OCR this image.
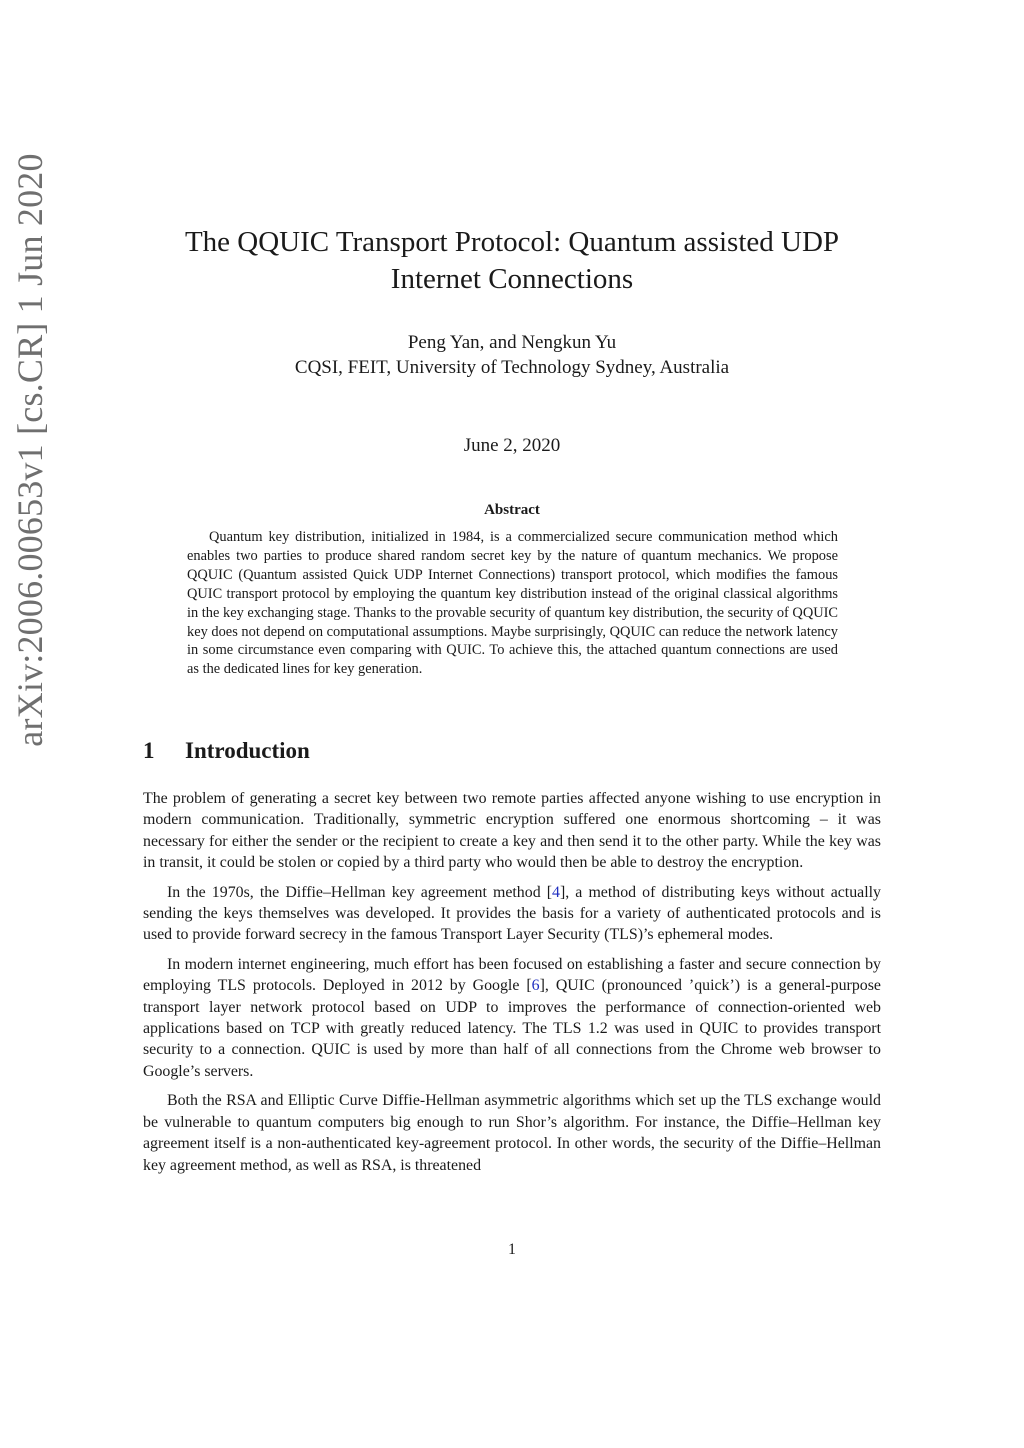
arXiv:2006.00653v1 [cs.CR] 1 Jun 2020	The QQUIC Transport Protocol: Quantum assisted UDP
Internet Connections
Peng Yan, and Nengkun Yu
CQSI, FEIT, University of Technology Sydney, Australia
June 2, 2020
Abstract

Quantum key distribution, initialized in 1984, is a commercialized secure communication method which enables two parties to produce shared random secret key by the nature of quantum mechanics. We propose QQUIC (Quantum assisted Quick UDP Internet Connections) transport protocol, which modifies the famous QUIC transport protocol by employing the quantum key distribution instead of the original classical algorithms in the key exchanging stage. Thanks to the provable security of quantum key distribution, the security of QQUIC key does not depend on computational assumptions. Maybe surprisingly, QQUIC can reduce the network latency in some circumstance even comparing with QUIC. To achieve this, the attached quantum connections are used as the dedicated lines for key generation.

1 Introduction

The problem of generating a secret key between two remote parties affected anyone wishing to use encryption in modern communication. Traditionally, symmetric encryption suffered one enormous shortcoming – it was necessary for either the sender or the recipient to create a key and then send it to the other party. While the key was in transit, it could be stolen or copied by a third party who would then be able to destroy the encryption.

In the 1970s, the Diffie–Hellman key agreement method [4], a method of distributing keys without actually sending the keys themselves was developed. It provides the basis for a variety of authenticated protocols and is used to provide forward secrecy in the famous Transport Layer Security (TLS)’s ephemeral modes.

In modern internet engineering, much effort has been focused on establishing a faster and secure connection by employing TLS protocols. Deployed in 2012 by Google [6], QUIC (pronounced ’quick’) is a general-purpose transport layer network protocol based on UDP to improves the performance of connection-oriented web applications based on TCP with greatly reduced latency. The TLS 1.2 was used in QUIC to provides transport security to a connection. QUIC is used by more than half of all connections from the Chrome web browser to Google’s servers.

Both the RSA and Elliptic Curve Diffie-Hellman asymmetric algorithms which set up the TLS exchange would be vulnerable to quantum computers big enough to run Shor’s algorithm. For instance, the Diffie–Hellman key agreement itself is a non-authenticated key-agreement protocol. In other words, the security of the Diffie–Hellman key agreement method, as well as RSA, is threatened

1
